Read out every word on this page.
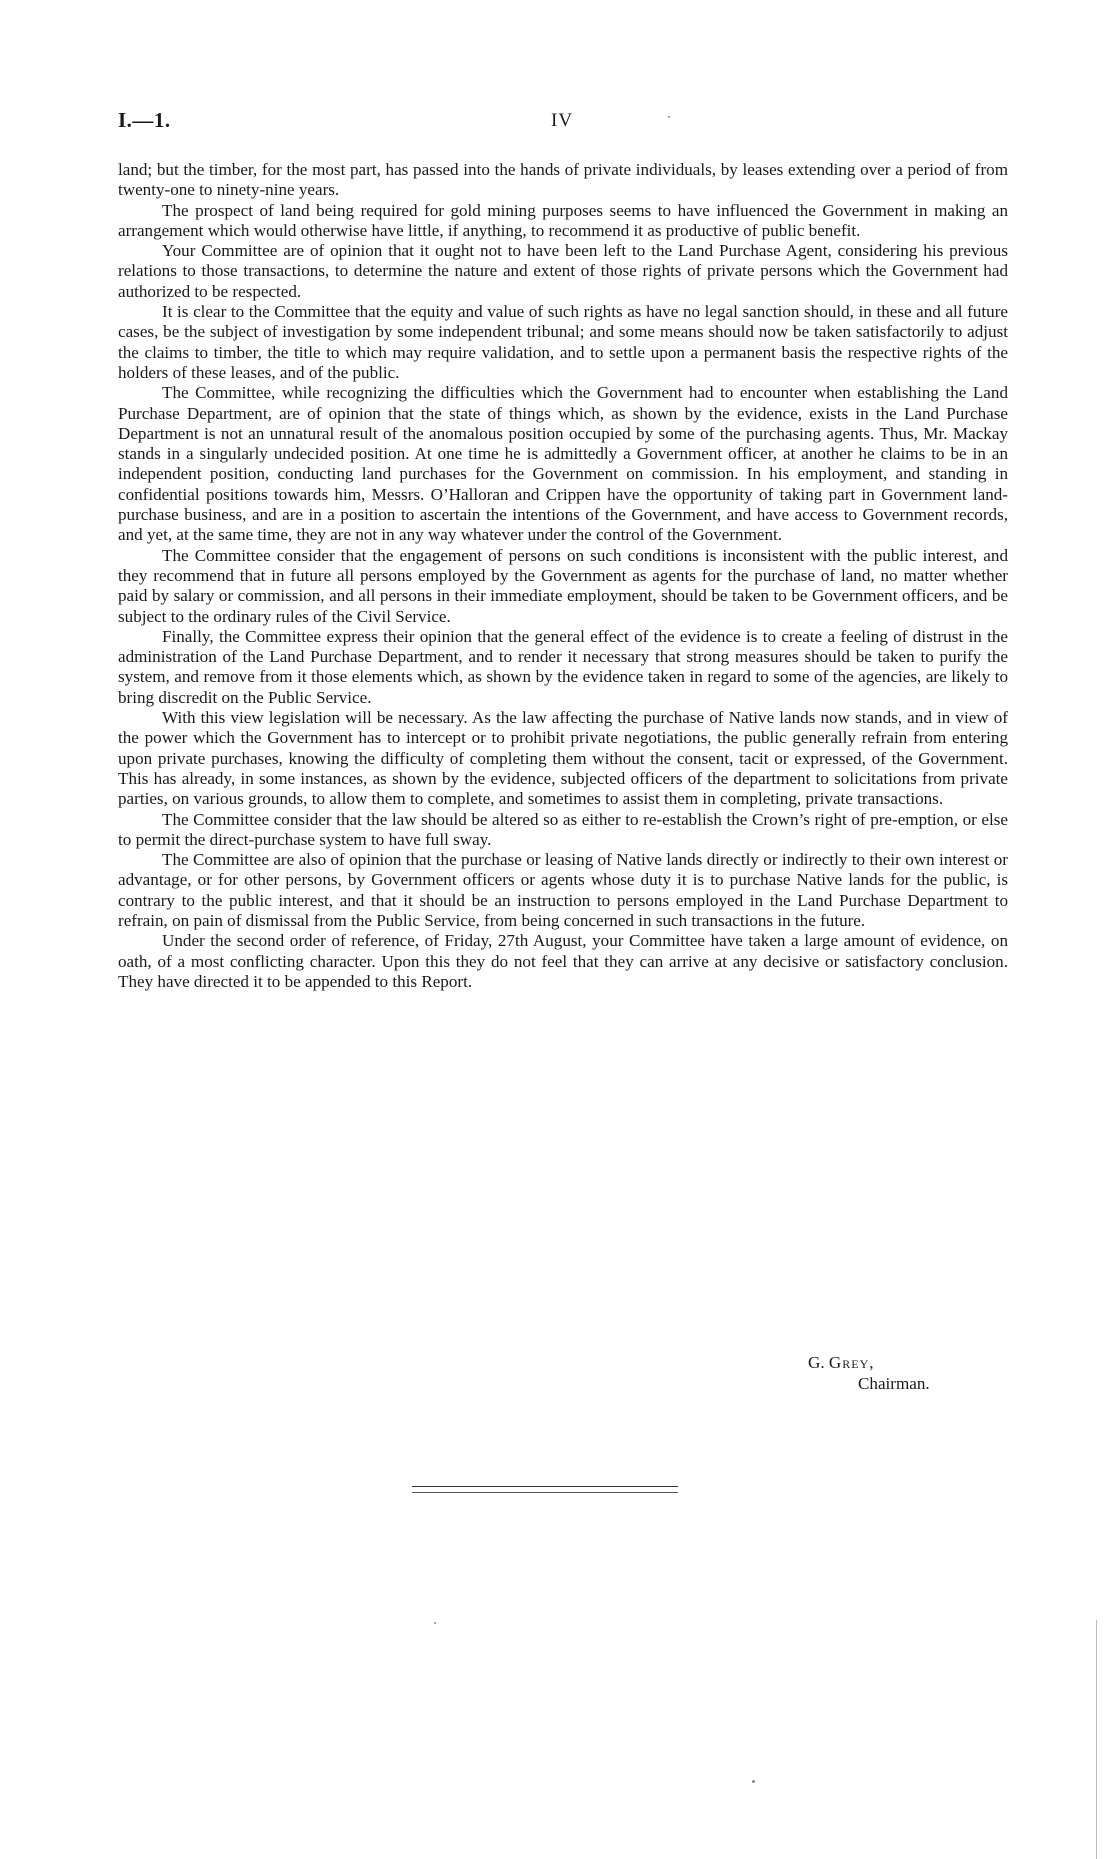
I.—1.	IV

land; but the timber, for the most part, has passed into the hands of private individuals, by leases extending over a period of from twenty-one to ninety-nine years.

The prospect of land being required for gold mining purposes seems to have influenced the Government in making an arrangement which would otherwise have little, if anything, to recommend it as productive of public benefit.

Your Committee are of opinion that it ought not to have been left to the Land Purchase Agent, considering his previous relations to those transactions, to determine the nature and extent of those rights of private persons which the Government had authorized to be respected.

It is clear to the Committee that the equity and value of such rights as have no legal sanction should, in these and all future cases, be the subject of investigation by some independent tribunal; and some means should now be taken satisfactorily to adjust the claims to timber, the title to which may require validation, and to settle upon a permanent basis the respective rights of the holders of these leases, and of the public.

The Committee, while recognizing the difficulties which the Government had to encounter when establishing the Land Purchase Department, are of opinion that the state of things which, as shown by the evidence, exists in the Land Purchase Department is not an unnatural result of the anomalous position occupied by some of the purchasing agents. Thus, Mr. Mackay stands in a singularly undecided position. At one time he is admittedly a Government officer, at another he claims to be in an independent position, conducting land purchases for the Government on commission. In his employment, and standing in confidential positions towards him, Messrs. O’Halloran and Crippen have the opportunity of taking part in Government land-purchase business, and are in a position to ascertain the intentions of the Government, and have access to Government records, and yet, at the same time, they are not in any way whatever under the control of the Government.

The Committee consider that the engagement of persons on such conditions is inconsistent with the public interest, and they recommend that in future all persons employed by the Government as agents for the purchase of land, no matter whether paid by salary or commission, and all persons in their immediate employment, should be taken to be Government officers, and be subject to the ordinary rules of the Civil Service.

Finally, the Committee express their opinion that the general effect of the evidence is to create a feeling of distrust in the administration of the Land Purchase Department, and to render it necessary that strong measures should be taken to purify the system, and remove from it those elements which, as shown by the evidence taken in regard to some of the agencies, are likely to bring discredit on the Public Service.

With this view legislation will be necessary. As the law affecting the purchase of Native lands now stands, and in view of the power which the Government has to intercept or to prohibit private negotiations, the public generally refrain from entering upon private purchases, knowing the difficulty of completing them without the consent, tacit or expressed, of the Government. This has already, in some instances, as shown by the evidence, subjected officers of the department to solicitations from private parties, on various grounds, to allow them to complete, and sometimes to assist them in completing, private transactions.

The Committee consider that the law should be altered so as either to re-establish the Crown’s right of pre-emption, or else to permit the direct-purchase system to have full sway.

The Committee are also of opinion that the purchase or leasing of Native lands directly or indirectly to their own interest or advantage, or for other persons, by Government officers or agents whose duty it is to purchase Native lands for the public, is contrary to the public interest, and that it should be an instruction to persons employed in the Land Purchase Department to refrain, on pain of dismissal from the Public Service, from being concerned in such transactions in the future.

Under the second order of reference, of Friday, 27th August, your Committee have taken a large amount of evidence, on oath, of a most conflicting character. Upon this they do not feel that they can arrive at any decisive or satisfactory conclusion. They have directed it to be appended to this Report.

G. Grey,
Chairman.
